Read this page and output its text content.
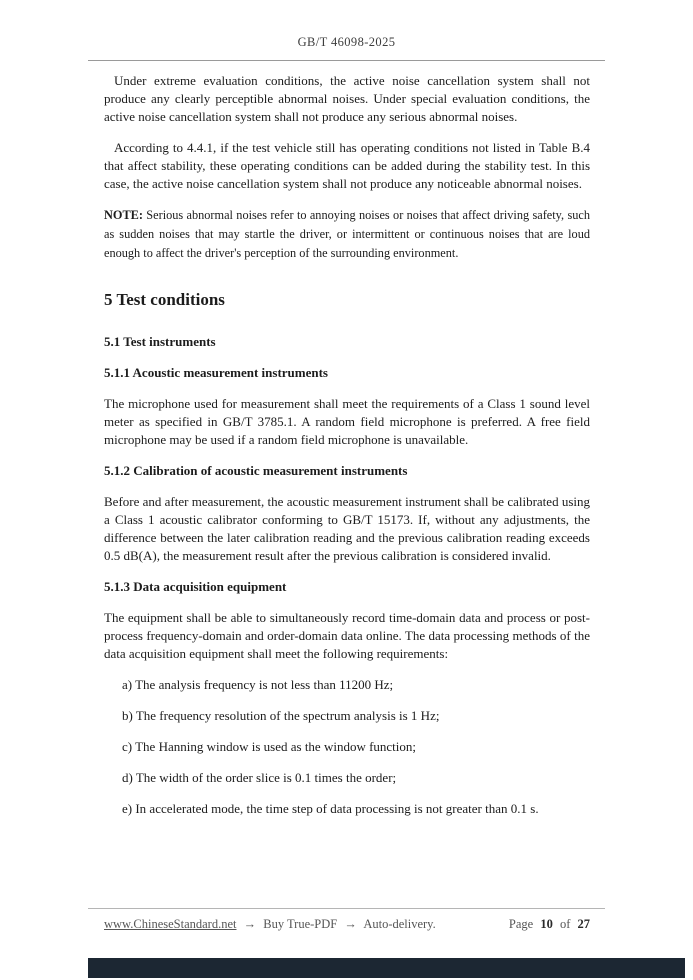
GB/T 46098-2025

Under extreme evaluation conditions, the active noise cancellation system shall not produce any clearly perceptible abnormal noises. Under special evaluation conditions, the active noise cancellation system shall not produce any serious abnormal noises.

According to 4.4.1, if the test vehicle still has operating conditions not listed in Table B.4 that affect stability, these operating conditions can be added during the stability test. In this case, the active noise cancellation system shall not produce any noticeable abnormal noises.

NOTE: Serious abnormal noises refer to annoying noises or noises that affect driving safety, such as sudden noises that may startle the driver, or intermittent or continuous noises that are loud enough to affect the driver's perception of the surrounding environment.

5 Test conditions
5.1 Test instruments
5.1.1 Acoustic measurement instruments

The microphone used for measurement shall meet the requirements of a Class 1 sound level meter as specified in GB/T 3785.1. A random field microphone is preferred. A free field microphone may be used if a random field microphone is unavailable.

5.1.2 Calibration of acoustic measurement instruments

Before and after measurement, the acoustic measurement instrument shall be calibrated using a Class 1 acoustic calibrator conforming to GB/T 15173. If, without any adjustments, the difference between the later calibration reading and the previous calibration reading exceeds 0.5 dB(A), the measurement result after the previous calibration is considered invalid.

5.1.3 Data acquisition equipment

The equipment shall be able to simultaneously record time-domain data and process or post-process frequency-domain and order-domain data online. The data processing methods of the data acquisition equipment shall meet the following requirements:

a) The analysis frequency is not less than 11200 Hz;

b) The frequency resolution of the spectrum analysis is 1 Hz;

c) The Hanning window is used as the window function;

d) The width of the order slice is 0.1 times the order;

e) In accelerated mode, the time step of data processing is not greater than 0.1 s.

www.ChineseStandard.net → Buy True-PDF → Auto-delivery.	Page 10 of 27
